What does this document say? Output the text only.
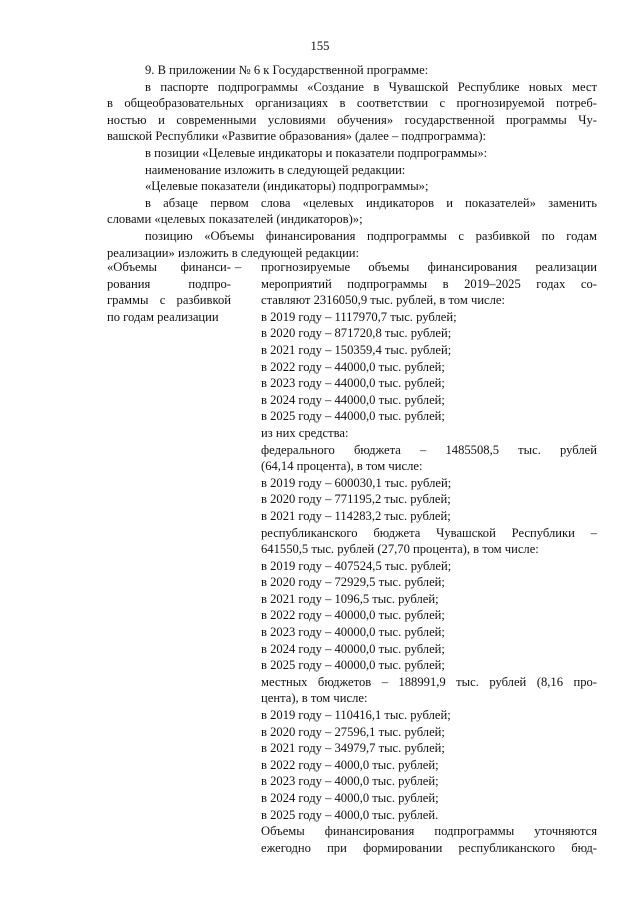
155
9. В приложении № 6 к Государственной программе:
в паспорте подпрограммы «Создание в Чувашской Республике новых мест
в общеобразовательных организациях в соответствии с прогнозируемой потреб-
ностью и современными условиями обучения» государственной программы Чу-
вашской Республики «Развитие образования» (далее – подпрограмма):
в позиции «Целевые индикаторы и показатели подпрограммы»:
наименование изложить в следующей редакции:
«Целевые показатели (индикаторы) подпрограммы»;
в абзаце первом слова «целевых индикаторов и показателей» заменить
словами «целевых показателей (индикаторов)»;
позицию «Объемы финансирования подпрограммы с разбивкой по годам
реализации» изложить в следующей редакции:
«Объемы финанси-
рования подпро-
граммы с разбивкой
по годам реализации
– прогнозируемые объемы финансирования реализации
мероприятий подпрограммы в 2019–2025 годах со-
ставляют 2316050,9 тыс. рублей, в том числе:
в 2019 году – 1117970,7 тыс. рублей;
в 2020 году – 871720,8 тыс. рублей;
в 2021 году – 150359,4 тыс. рублей;
в 2022 году – 44000,0 тыс. рублей;
в 2023 году – 44000,0 тыс. рублей;
в 2024 году – 44000,0 тыс. рублей;
в 2025 году – 44000,0 тыс. рублей;
из них средства:
федерального бюджета – 1485508,5 тыс. рублей
(64,14 процента), в том числе:
в 2019 году – 600030,1 тыс. рублей;
в 2020 году – 771195,2 тыс. рублей;
в 2021 году – 114283,2 тыс. рублей;
республиканского бюджета Чувашской Республики –
641550,5 тыс. рублей (27,70 процента), в том числе:
в 2019 году – 407524,5 тыс. рублей;
в 2020 году – 72929,5 тыс. рублей;
в 2021 году – 1096,5 тыс. рублей;
в 2022 году – 40000,0 тыс. рублей;
в 2023 году – 40000,0 тыс. рублей;
в 2024 году – 40000,0 тыс. рублей;
в 2025 году – 40000,0 тыс. рублей;
местных бюджетов – 188991,9 тыс. рублей (8,16 про-
цента), в том числе:
в 2019 году – 110416,1 тыс. рублей;
в 2020 году – 27596,1 тыс. рублей;
в 2021 году – 34979,7 тыс. рублей;
в 2022 году – 4000,0 тыс. рублей;
в 2023 году – 4000,0 тыс. рублей;
в 2024 году – 4000,0 тыс. рублей;
в 2025 году – 4000,0 тыс. рублей.
Объемы финансирования подпрограммы уточняются
ежегодно при формировании республиканского бюд-
